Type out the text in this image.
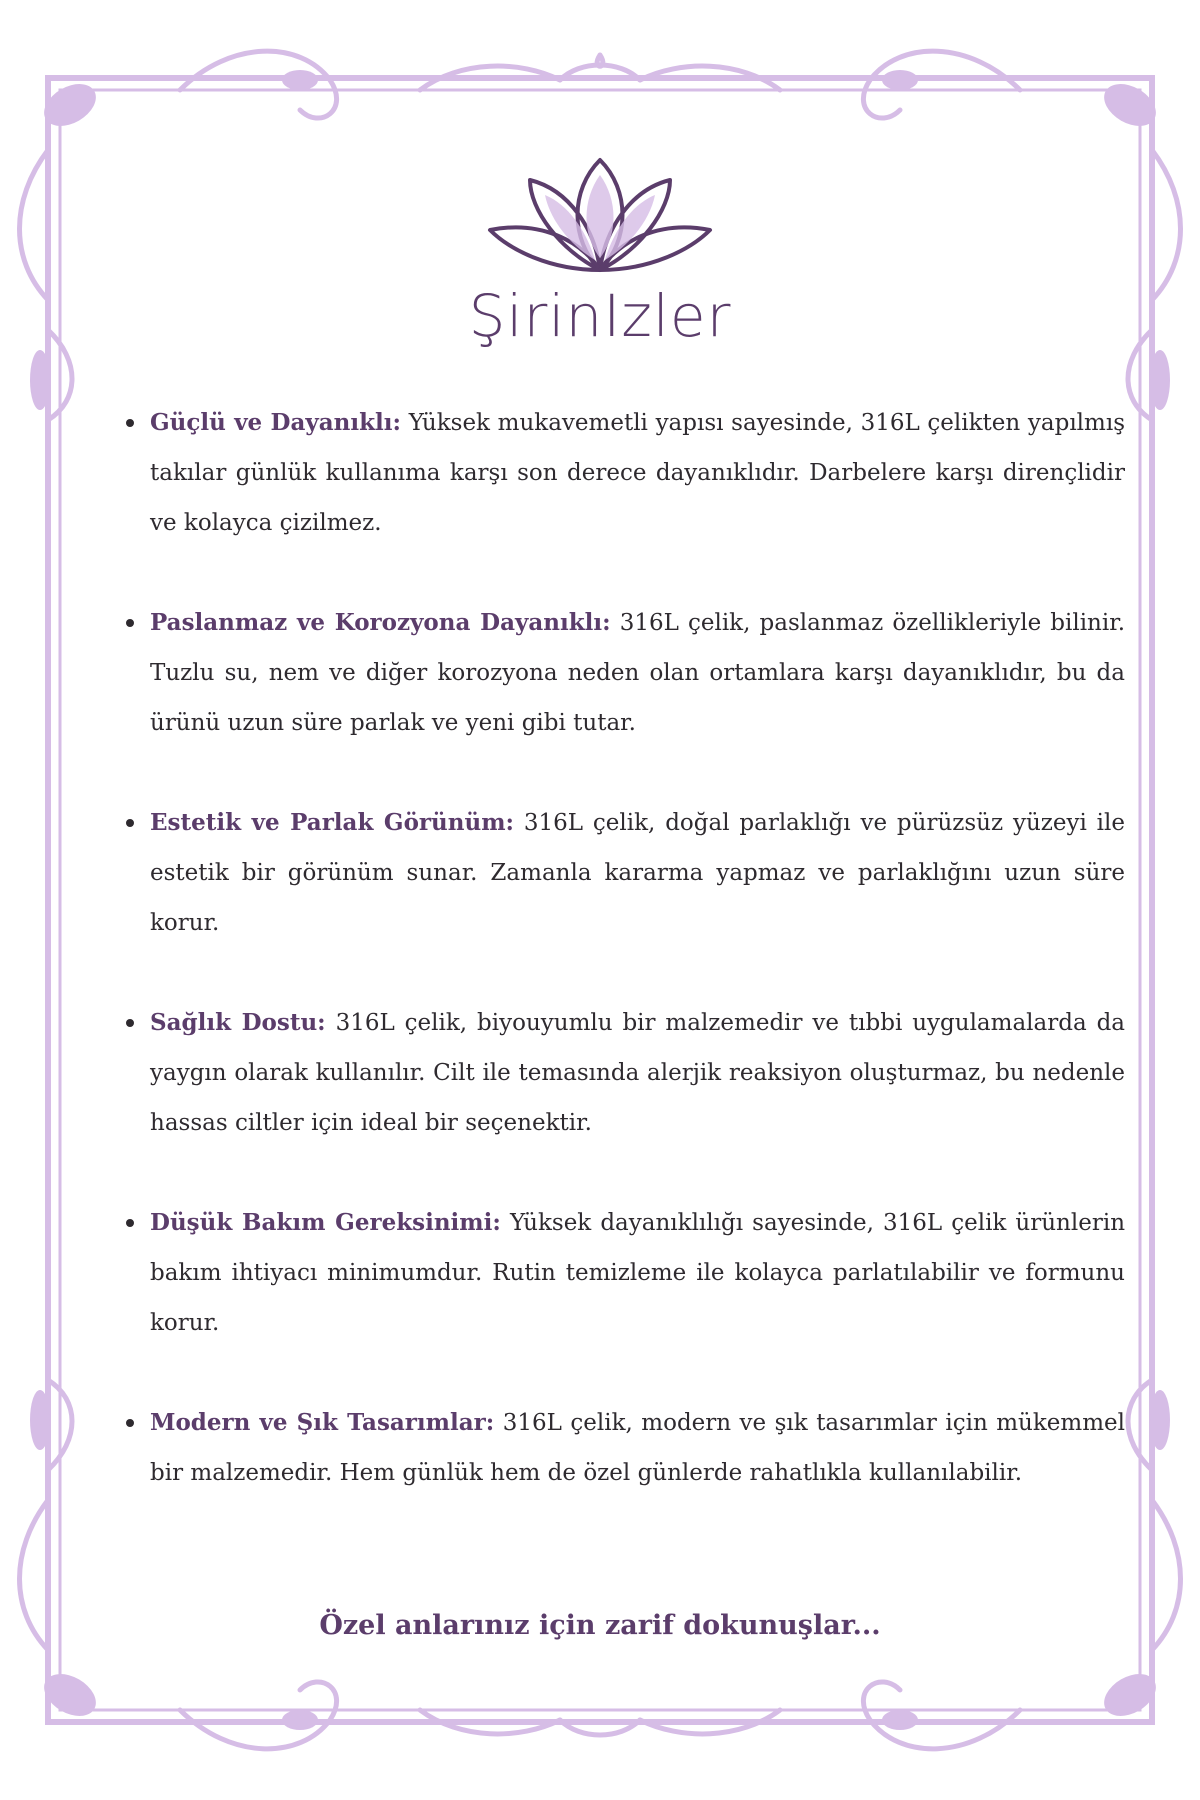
ŞirinIzler
Güçlü ve Dayanıklı: Yüksek mukavemetli yapısı sayesinde, 316L çelikten yapılmış takılar günlük kullanıma karşı son derece dayanıklıdır. Darbelere karşı dirençlidir ve kolayca çizilmez.
Paslanmaz ve Korozyona Dayanıklı: 316L çelik, paslanmaz özellikleriyle bilinir. Tuzlu su, nem ve diğer korozyona neden olan ortamlara karşı dayanıklıdır, bu da ürünü uzun süre parlak ve yeni gibi tutar.
Estetik ve Parlak Görünüm: 316L çelik, doğal parlaklığı ve pürüzsüz yüzeyi ile estetik bir görünüm sunar. Zamanla kararma yapmaz ve parlaklığını uzun süre korur.
Sağlık Dostu: 316L çelik, biyouyumlu bir malzemedir ve tıbbi uygulamalarda da yaygın olarak kullanılır. Cilt ile temasında alerjik reaksiyon oluşturmaz, bu nedenle hassas ciltler için ideal bir seçenektir.
Düşük Bakım Gereksinimi: Yüksek dayanıklılığı sayesinde, 316L çelik ürünlerin bakım ihtiyacı minimumdur. Rutin temizleme ile kolayca parlatılabilir ve formunu korur.
Modern ve Şık Tasarımlar: 316L çelik, modern ve şık tasarımlar için mükemmel bir malzemedir. Hem günlük hem de özel günlerde rahatlıkla kullanılabilir.
Özel anlarınız için zarif dokunuşlar...
